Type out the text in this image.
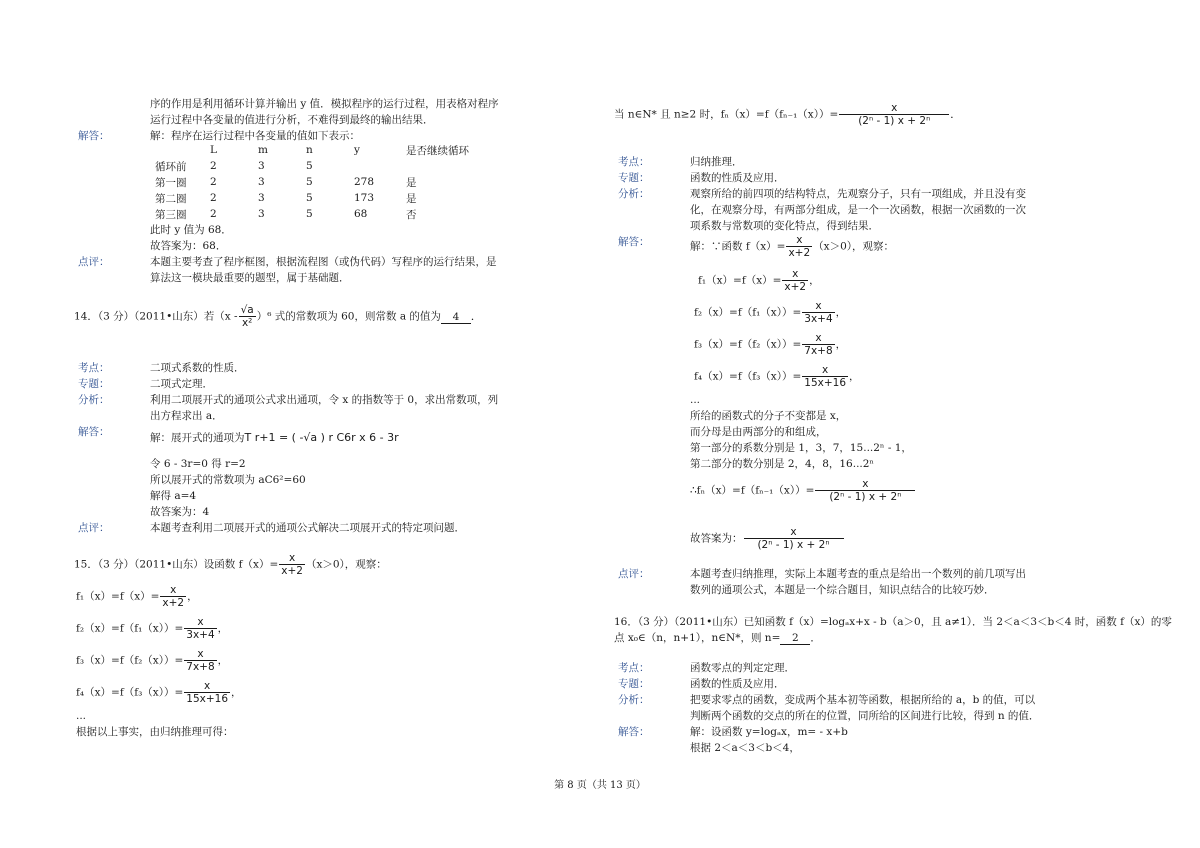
序的作用是利用循环计算并输出 y 值．模拟程序的运行过程，用表格对程序
运行过程中各变量的值进行分析，不难得到最终的输出结果．
解答：	解：程序在运行过程中各变量的值如下表示：
	L	m	n	y	是否继续循环
循环前	2	3	5		
第一圈	2	3	5	278	是
第二圈	2	3	5	173	是
第三圈	2	3	5	68	否
此时 y 值为 68．
故答案为：68．
点评：	本题主要考查了程序框图，根据流程图（或伪代码）写程序的运行结果，是
算法这一模块最重要的题型，属于基础题．
14．（3 分）（2011•山东）若$(x - \frac{√a}{\text{x²}} )^6$ 式的常数项为 60，则常数 a 的值为 4 ．
考点：	二项式系数的性质．
专题：	二项式定理．
分析：	利用二项展开式的通项公式求出通项，令 x 的指数等于 0，求出常数项，列
出方程求出 a．
解答：	解：展开式的通项为T r+1 = ( -√a ) r C6r x 6 - 3r
令 6 - 3r=0 得 r=2
所以展开式的常数项为 aC6²=60
解得 a=4
故答案为：4
点评：	本题考查利用二项展开式的通项公式解决二项展开式的特定项问题．
15．（3 分）（2011•山东）设函数 $f(x)= \frac{x}{x+2} (x>0)$，观察：
$f_1(x)=f(x)= \frac{x}{x+2}$ ，
$f_2(x)=f(f_1(x))= \frac{x}{3x+4}$ ，
$f_3(x)=f(f_2(x))= \frac{x}{7x+8}$ ，
$f_4(x)=f(f_3(x))= \frac{x}{15x+16}$ ，
...
根据以上事实，由归纳推理可得：
当 n∈N* 且 n≥2 时，$f_n(x)=f(f_{n-1}(x))= \frac{x}{\text{(2ⁿ - 1) x + 2ⁿ}}$ ．
考点：	归纳推理．
专题：	函数的性质及应用．
分析：	观察所给的前四项的结构特点，先观察分子，只有一项组成，并且没有变
化，在观察分母，有两部分组成，是一个一次函数，根据一次函数的一次
项系数与常数项的变化特点，得到结果．
解答：	解：∵函数 $f(x)= \frac{x}{x+2} (x>0)$，观察：
$f_1(x)=f(x)= \frac{x}{x+2}$ ，
$f_2(x)=f(f_1(x))= \frac{x}{3x+4}$ ，
$f_3(x)=f(f_2(x))= \frac{x}{7x+8}$ ，
$f_4(x)=f(f_3(x))= \frac{x}{15x+16}$ ，
...
所给的函数式的分子不变都是 x，
而分母是由两部分的和组成，
第一部分的系数分别是 1，3，7，15...2ⁿ - 1，
第二部分的数分别是 2，4，8，16...2ⁿ
∴fₙ（x）=f（fₙ₋₁（x））= $\frac{x}{\text{(2ⁿ - 1) x + 2ⁿ}}$
故答案为： $\frac{x}{\text{(2ⁿ - 1) x + 2ⁿ}}$
点评：	本题考查归纳推理，实际上本题考查的重点是给出一个数列的前几项写出
数列的通项公式，本题是一个综合题目，知识点结合的比较巧妙．
16．（3 分）（2011•山东）已知函数 f（x）=logₐx+x - b（a＞0，且 a≠1）．当 2＜a＜3＜b＜4 时，函数 f（x）的零
点 x₀∈（n，n+1），n∈N*，则 n= 2 ．
考点：	函数零点的判定定理．
专题：	函数的性质及应用．
分析：	把要求零点的函数，变成两个基本初等函数，根据所给的 a，b 的值，可以
判断两个函数的交点的所在的位置，同所给的区间进行比较，得到 n 的值．
解答：	解：设函数 y=logₐx，m= - x+b
根据 2＜a＜3＜b＜4，
第 8 页（共 13 页）
